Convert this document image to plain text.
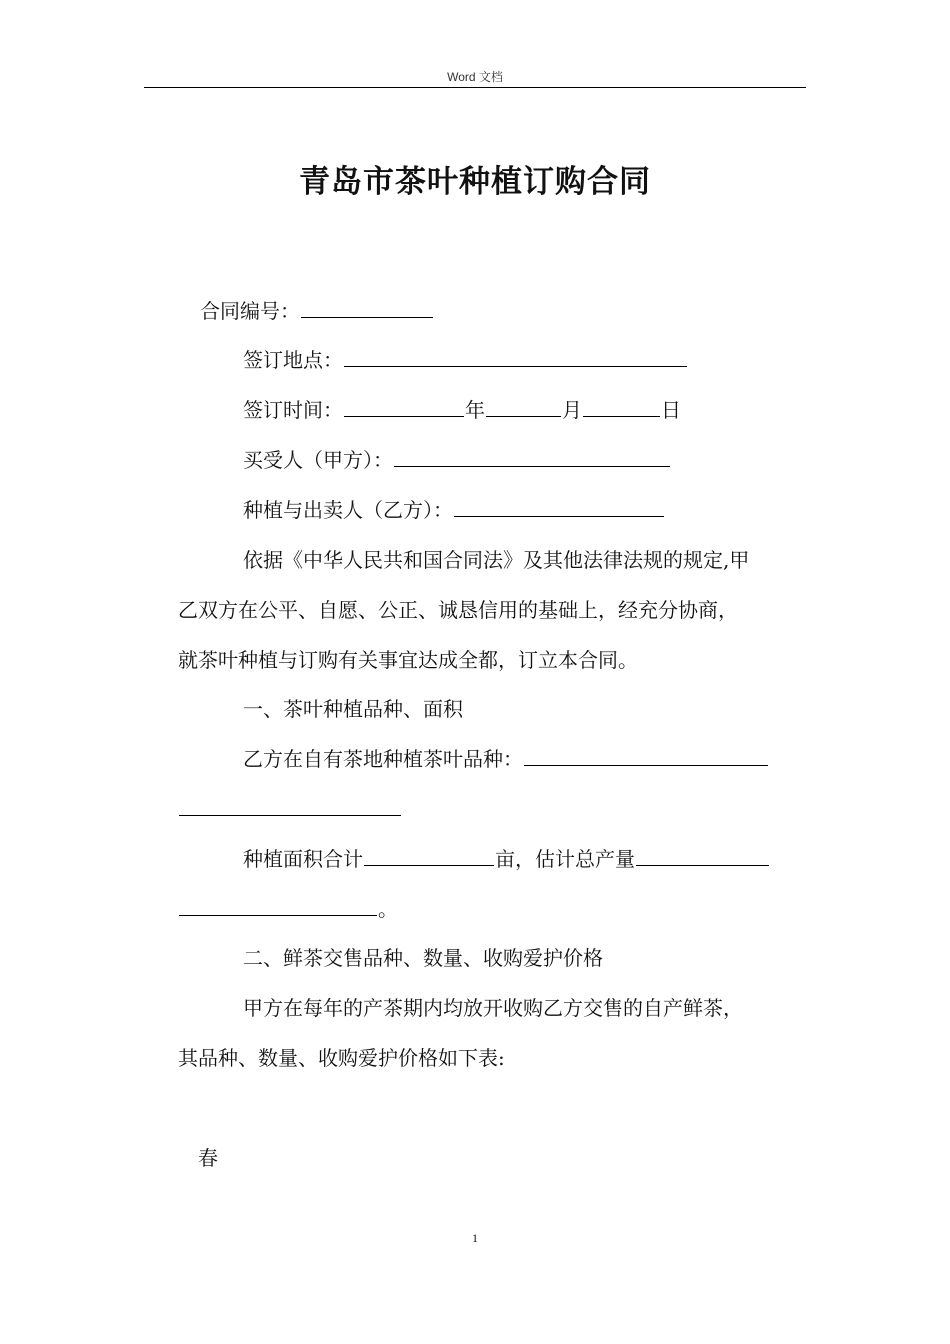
Word 文档
青岛市茶叶种植订购合同
合同编号：
签订地点：
签订时间：	年	月	日
买受人（甲方）：
种植与出卖人（乙方）：
依据《中华人民共和国合同法》及其他法律法规的规定,甲
乙双方在公平、自愿、公正、诚恳信用的基础上，经充分协商，
就茶叶种植与订购有关事宜达成全都，订立本合同。
一、茶叶种植品种、面积
乙方在自有茶地种植茶叶品种：
种植面积合计	亩，估计总产量
。
二、鲜茶交售品种、数量、收购爱护价格
甲方在每年的产茶期内均放开收购乙方交售的自产鲜茶，
其品种、数量、收购爱护价格如下表:
春
1
